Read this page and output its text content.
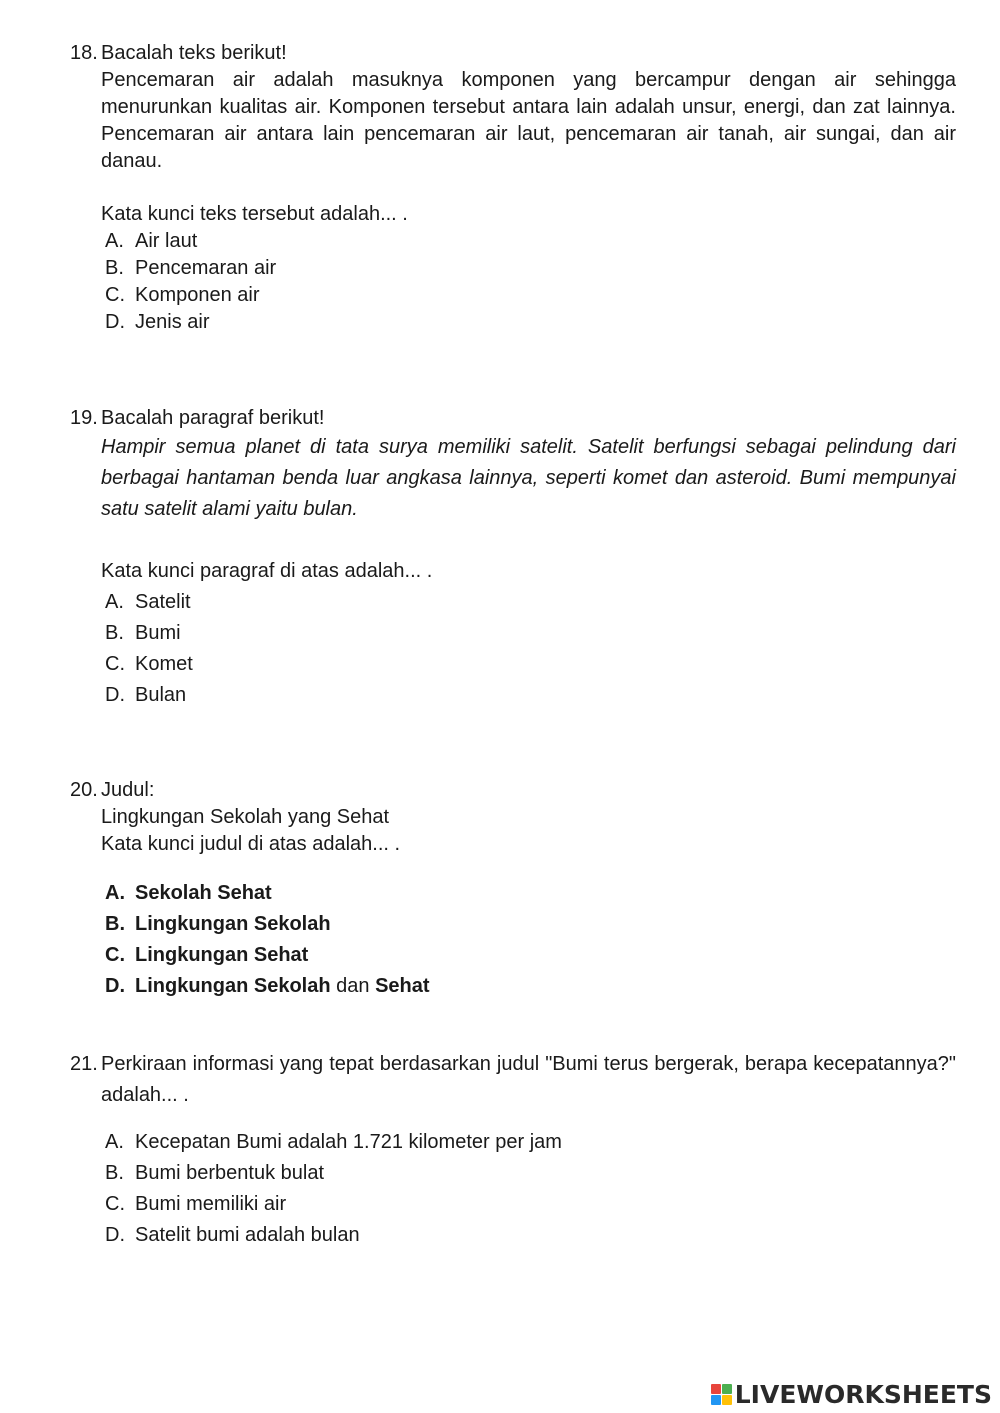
18. Bacalah teks berikut!
Pencemaran air adalah masuknya komponen yang bercampur dengan air sehingga menurunkan kualitas air. Komponen tersebut antara lain adalah unsur, energi, dan zat lainnya. Pencemaran air antara lain pencemaran air laut, pencemaran air tanah, air sungai, dan air danau.
Kata kunci teks tersebut adalah... .
A. Air laut
B. Pencemaran air
C. Komponen air
D. Jenis air
19. Bacalah paragraf berikut!
Hampir semua planet di tata surya memiliki satelit. Satelit berfungsi sebagai pelindung dari berbagai hantaman benda luar angkasa lainnya, seperti komet dan asteroid. Bumi mempunyai satu satelit alami yaitu bulan.
Kata kunci paragraf di atas adalah... .
A. Satelit
B. Bumi
C. Komet
D. Bulan
20. Judul:
Lingkungan Sekolah yang Sehat
Kata kunci judul di atas adalah... .
A. Sekolah Sehat
B. Lingkungan Sekolah
C. Lingkungan Sehat
D. Lingkungan Sekolah dan Sehat
21. Perkiraan informasi yang tepat berdasarkan judul "Bumi terus bergerak, berapa kecepatannya?" adalah... .
A. Kecepatan Bumi adalah 1.721 kilometer per jam
B. Bumi berbentuk bulat
C. Bumi memiliki air
D. Satelit bumi adalah bulan
LIVEWORKSHEETS
